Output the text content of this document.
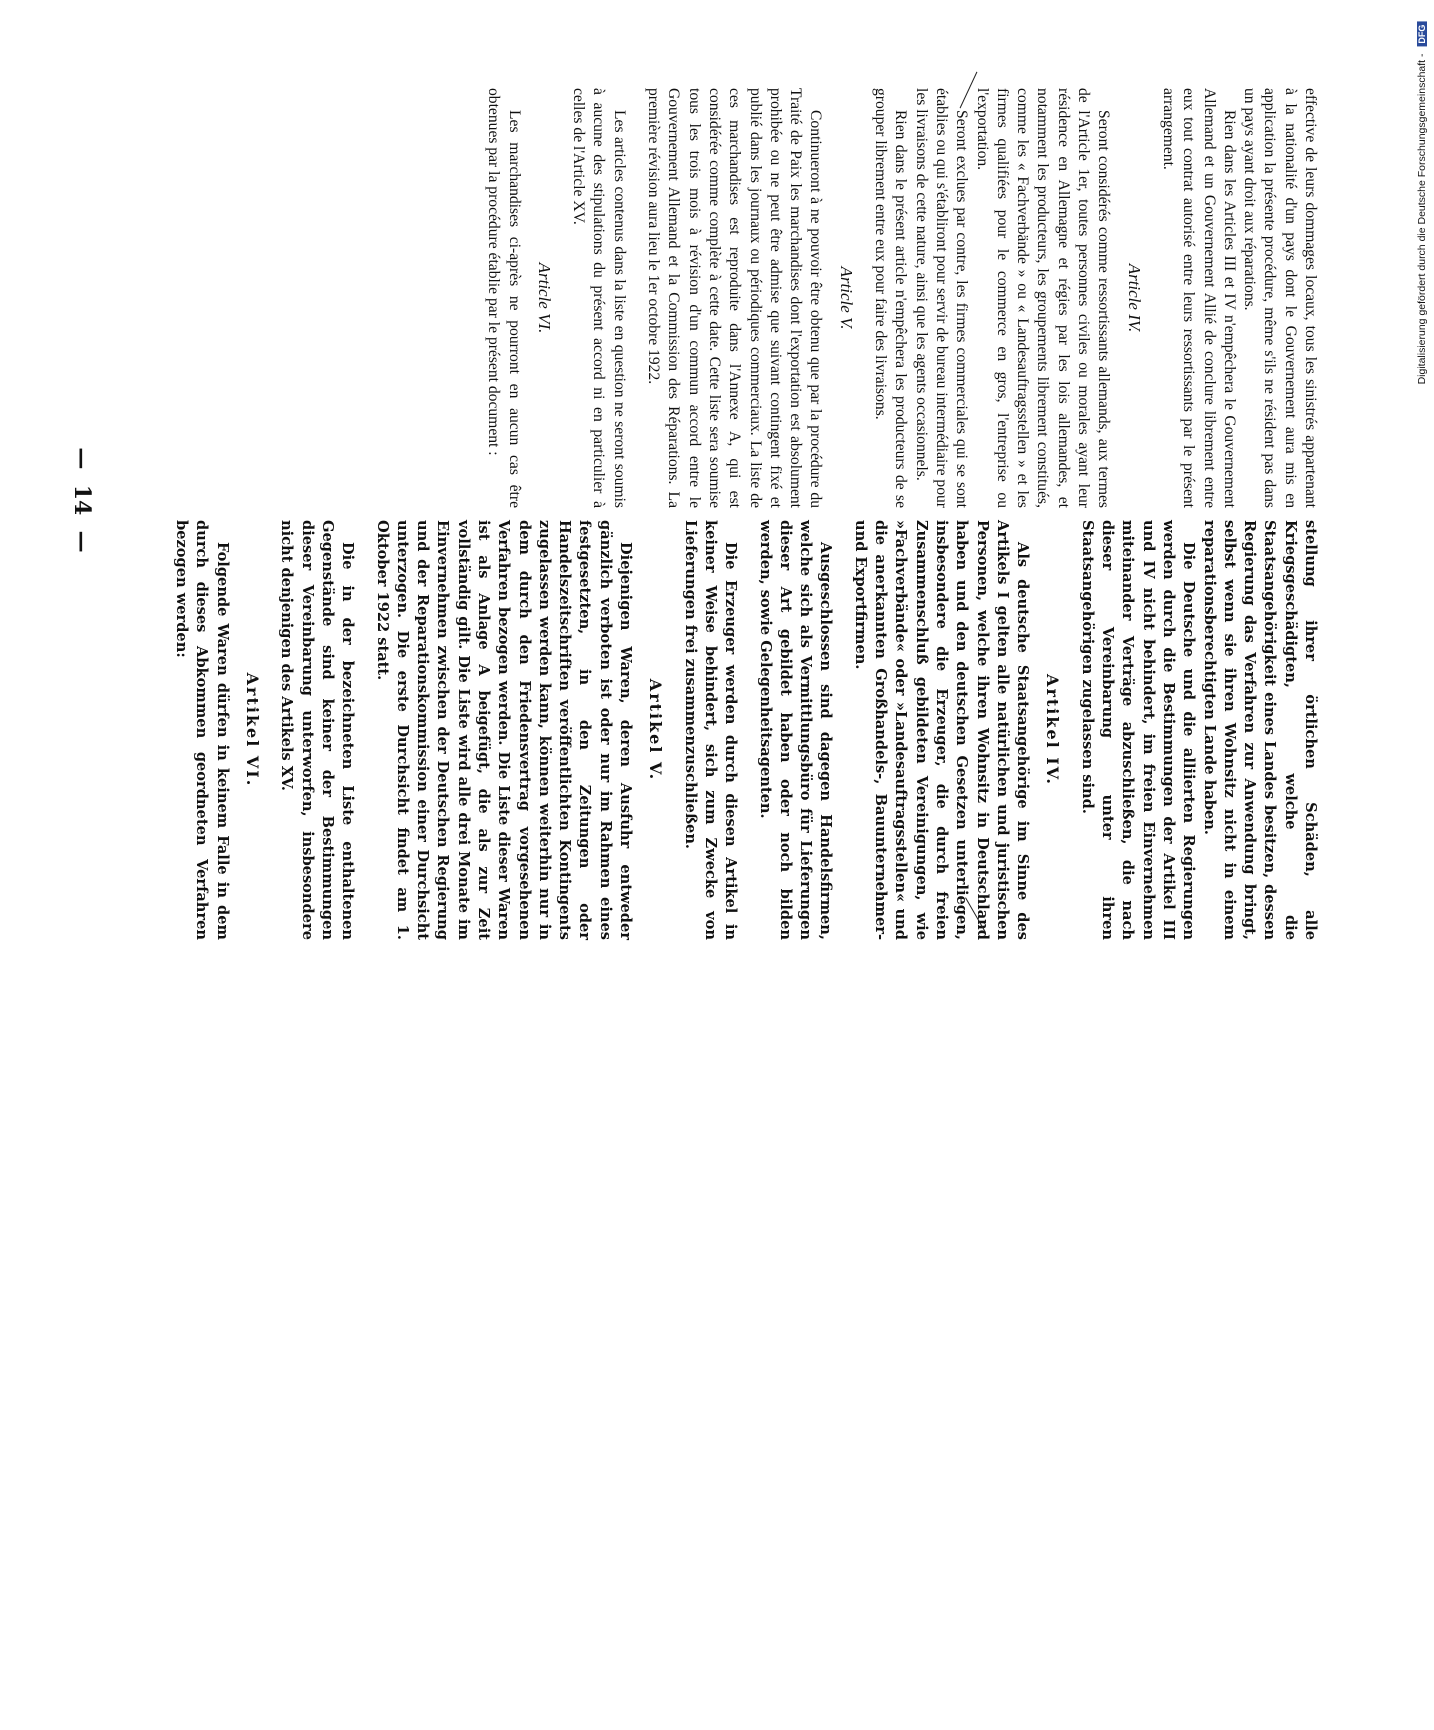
—  14  —	stellung ihrer örtlichen Schäden, alle Kriegsgeschädigten, welche die Staatsangehörigkeit eines Landes besitzen, dessen Regierung das Verfahren zur Anwendung bringt, selbst wenn sie ihren Wohnsitz nicht in einem reparationsberechtigten Lande haben.

Die Deutsche und die alliierten Regierungen werden durch die Bestimmungen der Artikel III und IV nicht behindert, im freien Einvernehmen miteinander Verträge abzuschließen, die nach dieser Vereinbarung unter ihren Staatsangehörigen zugelassen sind.

Artikel IV.

Als deutsche Staatsangehörige im Sinne des Artikels I gelten alle natürlichen und juristischen Personen, welche ihren Wohnsitz in Deutschland haben und den deutschen Gesetzen unterliegen, insbesondere die Erzeuger, die durch freien Zusammenschluß gebildeten Vereinigungen, wie »Fachverbände« oder »Landesauftragsstellen« und die anerkannten Großhandels-, Bauunternehmer- und Exportfirmen.

Ausgeschlossen sind dagegen Handelsfirmen, welche sich als Vermittlungsbüro für Lieferungen dieser Art gebildet haben oder noch bilden werden, sowie Gelegenheitsagenten.

Die Erzeuger werden durch diesen Artikel in keiner Weise behindert, sich zum Zwecke von Lieferungen frei zusammenzuschließen.

Artikel V.

Diejenigen Waren, deren Ausfuhr entweder gänzlich verboten ist oder nur im Rahmen eines festgesetzten, in den Zeitungen oder Handelszeitschriften veröffentlichten Kontingents zugelassen werden kann, können weiterhin nur in dem durch den Friedensvertrag vorgesehenen Verfahren bezogen werden. Die Liste dieser Waren ist als Anlage A beigefügt, die als zur Zeit vollständig gilt. Die Liste wird alle drei Monate im Einvernehmen zwischen der Deutschen Regierung und der Reparationskommission einer Durchsicht unterzogen. Die erste Durchsicht findet am 1. Oktober 1922 statt.

Die in der bezeichneten Liste enthaltenen Gegenstände sind keiner der Bestimmungen dieser Vereinbarung unterworfen, insbesondere nicht denjenigen des Artikels XV.

Artikel VI.

Folgende Waren dürfen in keinem Falle in dem durch dieses Abkommen geordneten Verfahren bezogen werden:

effective de leurs dommages locaux, tous les sinistrés appartenant à la nationalité d'un pays dont le Gouvernement aura mis en application la présente procédure, même s'ils ne résident pas dans un pays ayant droit aux réparations.

Rien dans les Articles III et IV n'empêchera le Gouvernement Allemand et un Gouvernement Allié de conclure librement entre eux tout contrat autorisé entre leurs ressortissants par le présent arrangement.

Article IV.

Seront considérés comme ressortissants allemands, aux termes de l'Article 1er, toutes personnes civiles ou morales ayant leur résidence en Allemagne et régies par les lois allemandes, et notamment les producteurs, les groupements librement constitués, comme les « Fachverbände » ou « Landesauftragsstellen » et les firmes qualifiées pour le commerce en gros, l'entreprise ou l'exportation.

Seront exclues par contre, les firmes commerciales qui se sont établies ou qui s'établiront pour servir de bureau intermédiaire pour les livraisons de cette nature, ainsi que les agents occasionnels.

Rien dans le présent article n'empêchera les producteurs de se grouper librement entre eux pour faire des livraisons.

Article V.

Continueront à ne pouvoir être obtenu que par la procédure du Traité de Paix les marchandises dont l'exportation est absolument prohibée ou ne peut être admise que suivant contingent fixé et publié dans les journaux ou périodiques commerciaux. La liste de ces marchandises est reproduite dans l'Annexe A, qui est considérée comme complète à cette date. Cette liste sera soumise tous les trois mois à révision d'un commun accord entre le Gouvernement Allemand et la Commission des Réparations. La première révision aura lieu le 1er octobre 1922.

Les articles contenus dans la liste en question ne seront soumis à aucune des stipulations du présent accord ni en particulier à celles de l'Article XV.

Article VI.

Les marchandises ci-après ne pourront en aucun cas être obtenues par la procédure établie par le présent document :	Digitalisierung gefördert durch die Deutsche Forschungsgemeinschaft - DFG
